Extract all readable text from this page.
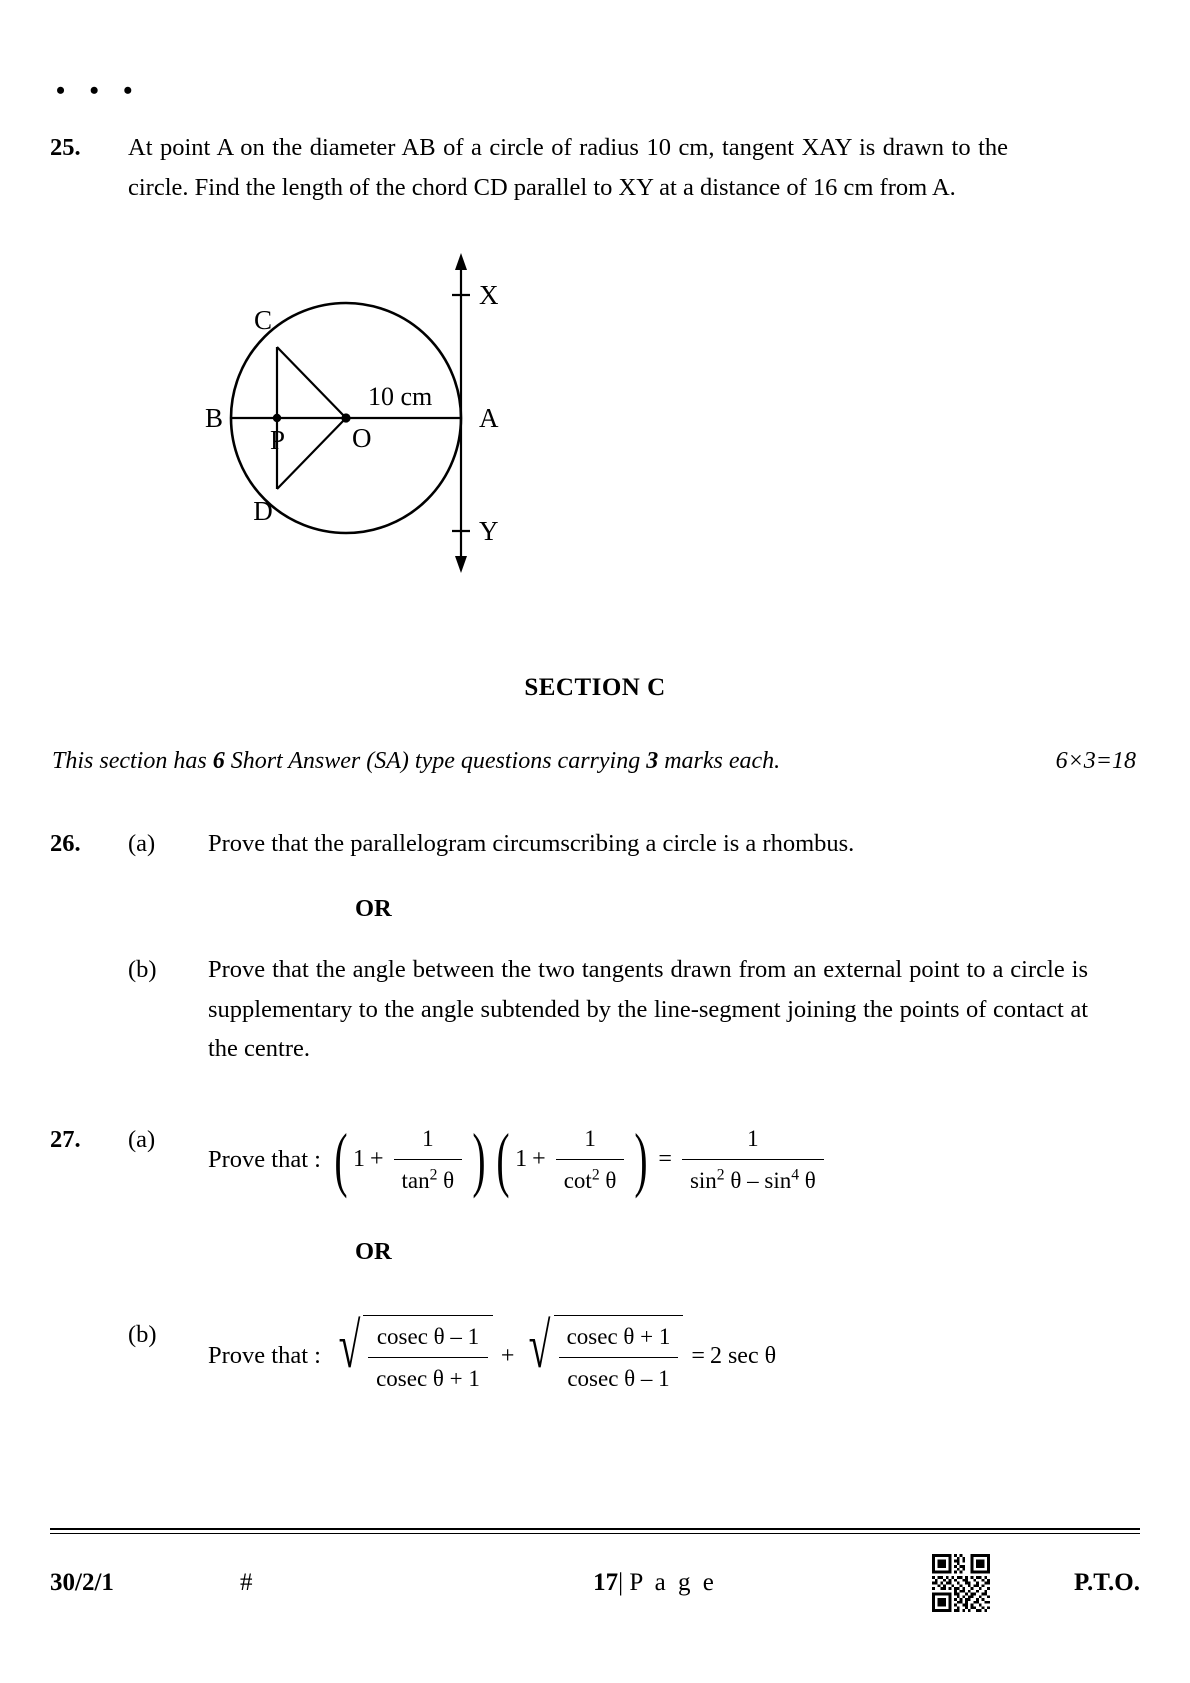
• • •
25.	At point A on the diameter AB of a circle of radius 10 cm, tangent XAY is drawn to the circle. Find the length of the chord CD parallel to XY at a distance of 16 cm from A.
C
D
B	A
O
P
X
Y
10 cm
SECTION C
This section has 6 Short Answer (SA) type questions carrying 3 marks each.	6×3=18
26.	(a)	Prove that the parallelogram circumscribing a circle is a rhombus.
OR
(b)	Prove that the angle between the two tangents drawn from an external point to a circle is supplementary to the angle subtended by the line-segment joining the points of contact at the centre.
27.	(a)
Prove that : ( $1 + \frac{1}{\tan^2 \theta}$ ) ( $1 + \frac{1}{\cot^2 \theta}$ ) = $\frac{1}{\sin^2 \theta - \sin^4 \theta}$
OR
(b)
Prove that : √ $\frac{\text{cosec θ – 1}}{\text{cosec θ + 1}}$ + √ $\frac{\text{cosec θ + 1}}{\text{cosec θ – 1}} = 2$ sec θ
30/2/1	#	17| P a g e	P.T.O.
